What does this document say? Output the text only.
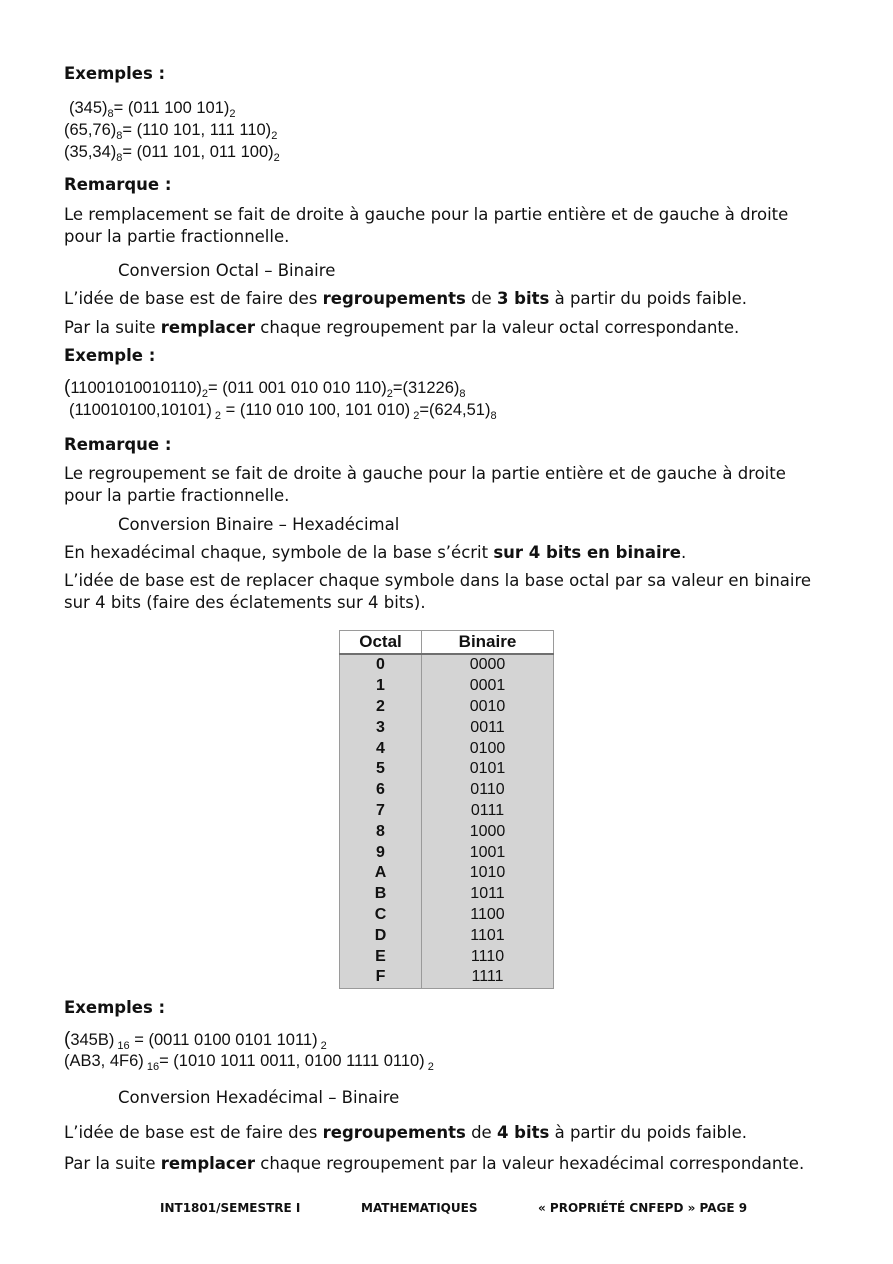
Exemples :
$(345)_8= (011$ 100 $101)_2$
$(65,76)_8= (110$ 101, 111 $110)_2$
$(35,34)_8= (011$ 101, 011 $100)_2$
Remarque :
Le remplacement se fait de droite à gauche pour la partie entière et de gauche à droite pour la partie fractionnelle.
Conversion Octal – Binaire
L’idée de base est de faire des regroupements de 3 bits à partir du poids faible.
Par la suite remplacer chaque regroupement par la valeur octal correspondante.
Exemple :
$(11001010010110)_2= (011$ 001 010 010 $110)_2=(31226)_8$
(110010100,10101) $_2$ = (110 010 100, 101 010) $_2=(624,51)_8$
Remarque :
Le regroupement se fait de droite à gauche pour la partie entière et de gauche à droite pour la partie fractionnelle.
Conversion Binaire – Hexadécimal
En hexadécimal chaque, symbole de la base s’écrit sur 4 bits en binaire.
L’idée de base est de replacer chaque symbole dans la base octal par sa valeur en binaire sur 4 bits (faire des éclatements sur 4 bits).
Octal	Binaire
0	0000
1	0001
2	0010
3	0011
4	0100
5	0101
6	0110
7	0111
8	1000
9	1001
A	1010
B	1011
C	1100
D	1101
E	1110
F	1111
Exemples :
(345B) $_{16}$ = (0011 0100 0101 1011) $_2$
(AB3, 4F6) $_{16}$= (1010 1011 0011, 0100 1111 0110) $_2$
Conversion Hexadécimal – Binaire
L’idée de base est de faire des regroupements de 4 bits à partir du poids faible.
Par la suite remplacer chaque regroupement par la valeur hexadécimal correspondante.
INT1801/SEMESTRE I	MATHEMATIQUES	« PROPRIÉTÉ CNFEPD » PAGE 9
